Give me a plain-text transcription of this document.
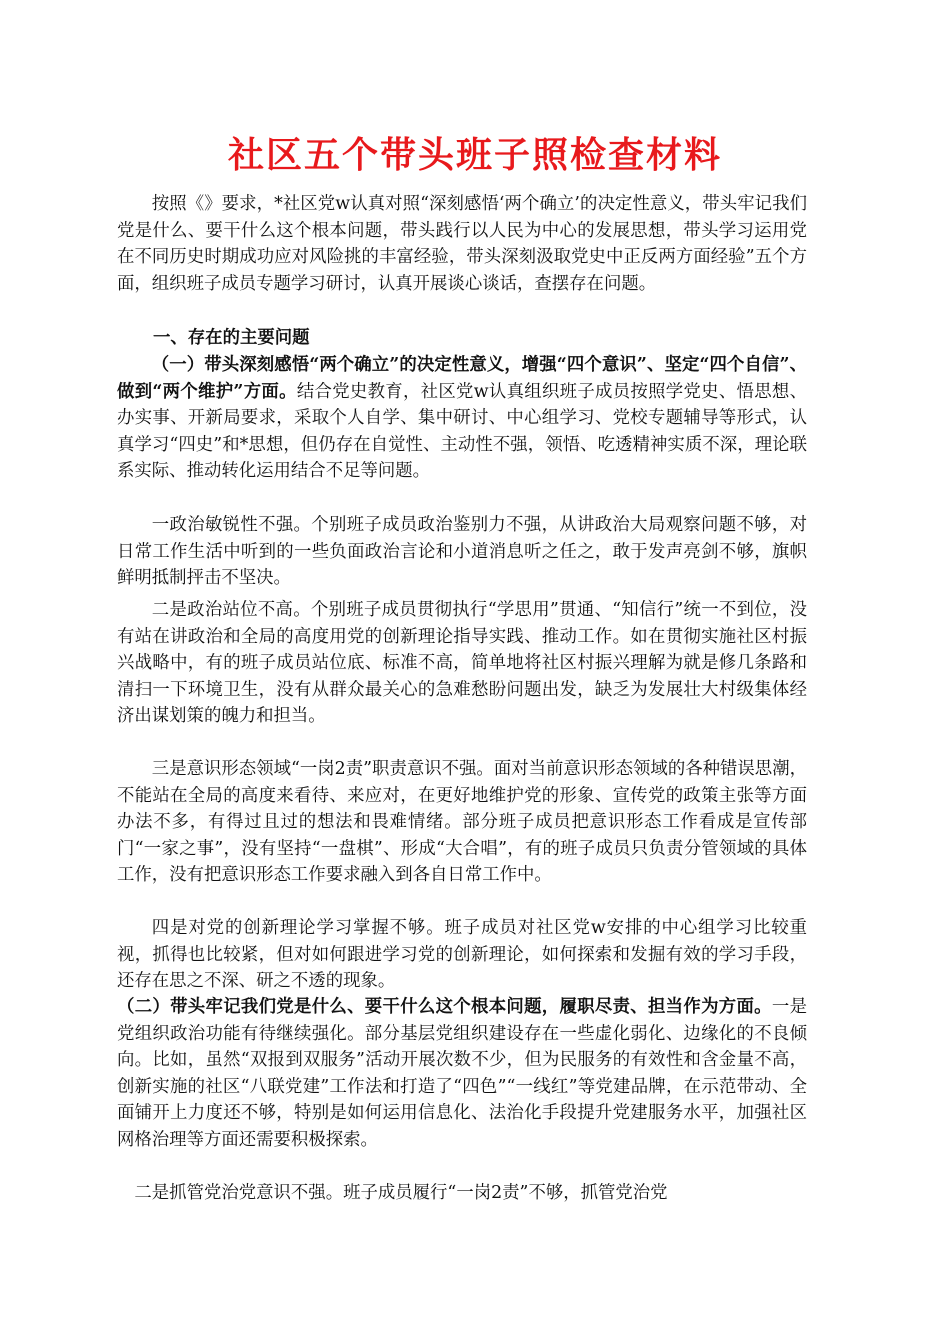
社区五个带头班子照检查材料

按照《》要求，*社区党w认真对照“深刻感悟‘两个确立’的决定性意义，带头牢记我们党是什么、要干什么这个根本问题，带头践行以人民为中心的发展思想，带头学习运用党在不同历史时期成功应对风险挑的丰富经验，带头深刻汲取党史中正反两方面经验”五个方面，组织班子成员专题学习研讨，认真开展谈心谈话，查摆存在问题。

一、存在的主要问题

（一）带头深刻感悟“两个确立”的决定性意义，增强“四个意识”、坚定“四个自信”、做到“两个维护”方面。结合党史教育，社区党w认真组织班子成员按照学党史、悟思想、办实事、开新局要求，采取个人自学、集中研讨、中心组学习、党校专题辅导等形式，认真学习“四史”和*思想，但仍存在自觉性、主动性不强，领悟、吃透精神实质不深，理论联系实际、推动转化运用结合不足等问题。

一政治敏锐性不强。个别班子成员政治鉴别力不强，从讲政治大局观察问题不够，对日常工作生活中听到的一些负面政治言论和小道消息听之任之，敢于发声亮剑不够，旗帜鲜明抵制抨击不坚决。

二是政治站位不高。个别班子成员贯彻执行“学思用”贯通、“知信行”统一不到位，没有站在讲政治和全局的高度用党的创新理论指导实践、推动工作。如在贯彻实施社区村振兴战略中，有的班子成员站位底、标准不高，简单地将社区村振兴理解为就是修几条路和清扫一下环境卫生，没有从群众最关心的急难愁盼问题出发，缺乏为发展壮大村级集体经济出谋划策的魄力和担当。

三是意识形态领域“一岗2责”职责意识不强。面对当前意识形态领域的各种错误思潮，不能站在全局的高度来看待、来应对，在更好地维护党的形象、宣传党的政策主张等方面办法不多，有得过且过的想法和畏难情绪。部分班子成员把意识形态工作看成是宣传部门“一家之事”，没有坚持“一盘棋”、形成“大合唱”，有的班子成员只负责分管领域的具体工作，没有把意识形态工作要求融入到各自日常工作中。

四是对党的创新理论学习掌握不够。班子成员对社区党w安排的中心组学习比较重视，抓得也比较紧，但对如何跟进学习党的创新理论，如何探索和发掘有效的学习手段，还存在思之不深、研之不透的现象。

（二）带头牢记我们党是什么、要干什么这个根本问题，履职尽责、担当作为方面。一是党组织政治功能有待继续强化。部分基层党组织建设存在一些虚化弱化、边缘化的不良倾向。比如，虽然“双报到双服务”活动开展次数不少，但为民服务的有效性和含金量不高，创新实施的社区“八联党建”工作法和打造了“四色”“一线红”等党建品牌，在示范带动、全面铺开上力度还不够，特别是如何运用信息化、法治化手段提升党建服务水平，加强社区网格治理等方面还需要积极探索。

二是抓管党治党意识不强。班子成员履行“一岗2责”不够，抓管党治党
